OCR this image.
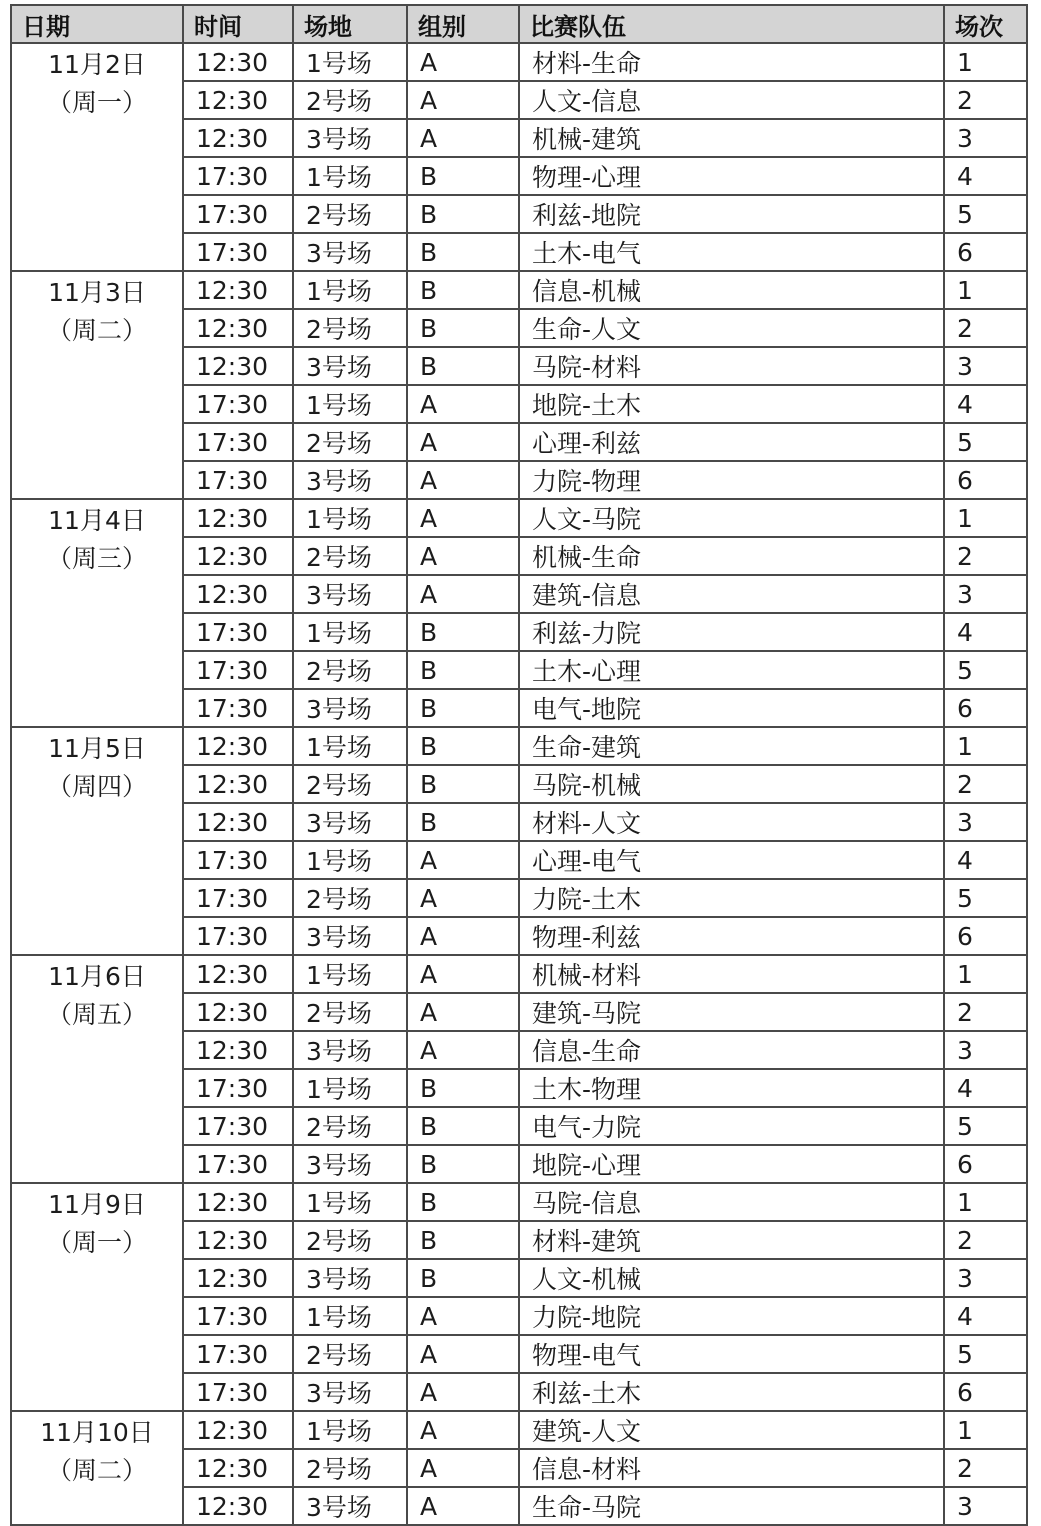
日期	时间	场地	组别	比赛队伍	场次

11月2日
（周一）	12:30	1号场	A	材料-生命	1
	12:30	2号场	A	人文-信息	2
	12:30	3号场	A	机械-建筑	3
	17:30	1号场	B	物理-心理	4
	17:30	2号场	B	利兹-地院	5
	17:30	3号场	B	土木-电气	6

11月3日
（周二）	12:30	1号场	B	信息-机械	1
	12:30	2号场	B	生命-人文	2
	12:30	3号场	B	马院-材料	3
	17:30	1号场	A	地院-土木	4
	17:30	2号场	A	心理-利兹	5
	17:30	3号场	A	力院-物理	6

11月4日
（周三）	12:30	1号场	A	人文-马院	1
	12:30	2号场	A	机械-生命	2
	12:30	3号场	A	建筑-信息	3
	17:30	1号场	B	利兹-力院	4
	17:30	2号场	B	土木-心理	5
	17:30	3号场	B	电气-地院	6

11月5日
（周四）	12:30	1号场	B	生命-建筑	1
	12:30	2号场	B	马院-机械	2
	12:30	3号场	B	材料-人文	3
	17:30	1号场	A	心理-电气	4
	17:30	2号场	A	力院-土木	5
	17:30	3号场	A	物理-利兹	6

11月6日
（周五）	12:30	1号场	A	机械-材料	1
	12:30	2号场	A	建筑-马院	2
	12:30	3号场	A	信息-生命	3
	17:30	1号场	B	土木-物理	4
	17:30	2号场	B	电气-力院	5
	17:30	3号场	B	地院-心理	6

11月9日
（周一）	12:30	1号场	B	马院-信息	1
	12:30	2号场	B	材料-建筑	2
	12:30	3号场	B	人文-机械	3
	17:30	1号场	A	力院-地院	4
	17:30	2号场	A	物理-电气	5
	17:30	3号场	A	利兹-土木	6

11月10日
（周二）	12:30	1号场	A	建筑-人文	1
	12:30	2号场	A	信息-材料	2
	12:30	3号场	A	生命-马院	3
